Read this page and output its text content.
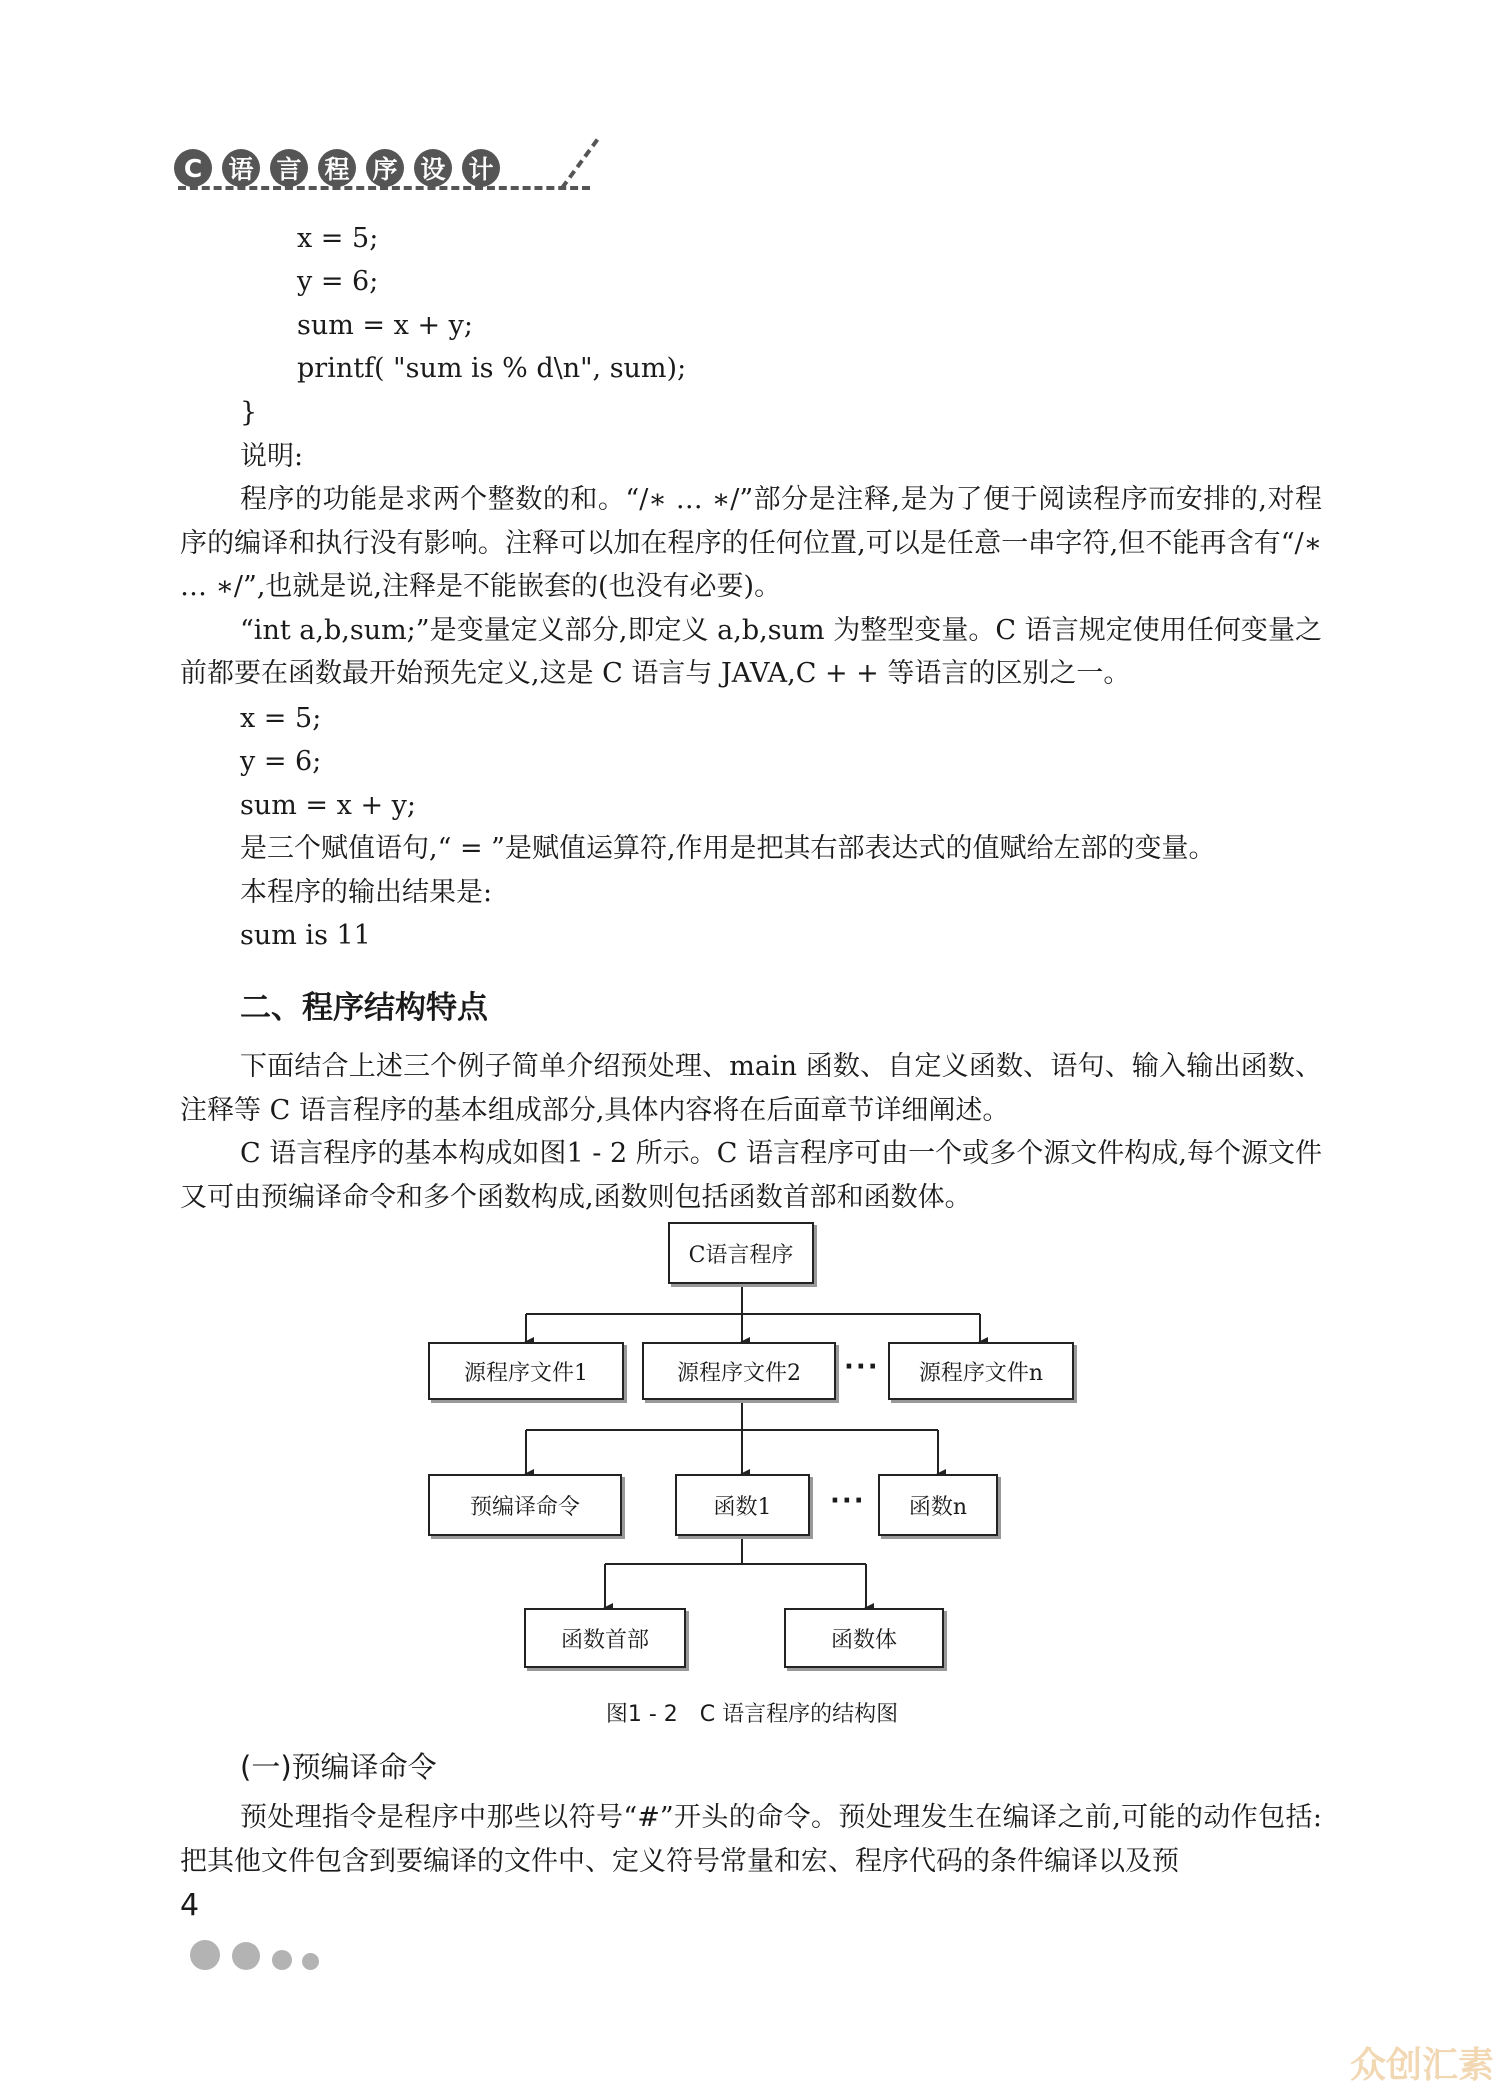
C	语 言 程 序 设 计
x = 5;
y = 6;
sum = x + y;
printf( "sum is % d\n", sum);
}
说明:

程序的功能是求两个整数的和。“/∗ … ∗/”部分是注释,是为了便于阅读程序而安排的,对程序的编译和执行没有影响。注释可以加在程序的任何位置,可以是任意一串字符,但不能再含有“/∗ … ∗/”,也就是说,注释是不能嵌套的(也没有必要)。

“int a,b,sum;”是变量定义部分,即定义 a,b,sum 为整型变量。C 语言规定使用任何变量之前都要在函数最开始预先定义,这是 C 语言与 JAVA,C + + 等语言的区别之一。

x = 5;
y = 6;
sum = x + y;

是三个赋值语句,“ = ”是赋值运算符,作用是把其右部表达式的值赋给左部的变量。

本程序的输出结果是:
sum is 11
二、程序结构特点

下面结合上述三个例子简单介绍预处理、main 函数、自定义函数、语句、输入输出函数、注释等 C 语言程序的基本组成部分,具体内容将在后面章节详细阐述。

C 语言程序的基本构成如图1 - 2 所示。C 语言程序可由一个或多个源文件构成,每个源文件又可由预编译命令和多个函数构成,函数则包括函数首部和函数体。

C语言程序
源程序文件1	源程序文件2	···	源程序文件n
预编译命令	函数1	···	函数n
函数首部	函数体
图1 - 2　C 语言程序的结构图
(一)预编译命令

预处理指令是程序中那些以符号“#”开头的命令。预处理发生在编译之前,可能的动作包括:把其他文件包含到要编译的文件中、定义符号常量和宏、程序代码的条件编译以及预

4
众创汇素
